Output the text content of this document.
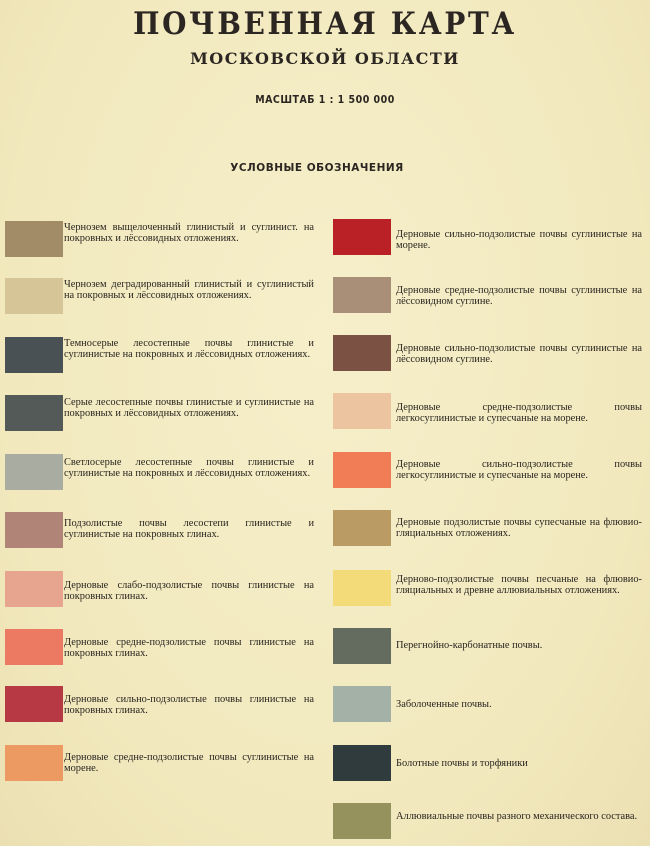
ПОЧВЕННАЯ КАРТА
МОСКОВСКОЙ ОБЛАСТИ
МАСШТАБ 1 : 1 500 000
УСЛОВНЫЕ ОБОЗНАЧЕНИЯ
Чернозем выщелоченный глинистый и суглинист. на покровных и лёссовидных отложениях.
Чернозем деградированный глинистый и суглинистый на покровных и лёссовидных отложениях.
Темносерые лесостепные почвы глинистые и суглинистые на покровных и лёссовидных отложениях.
Серые лесостепные почвы глинистые и суглинистые на покровных и лёссовидных отложениях.
Светлосерые лесостепные почвы глинистые и суглинистые на покровных и лёссовидных отложениях.
Подзолистые почвы лесостепи глинистые и суглинистые на покровных глинах.
Дерновые слабо-подзолистые почвы глинистые на покровных глинах.
Дерновые средне-подзолистые почвы глинистые на покровных глинах.
Дерновые сильно-подзолистые почвы глинистые на покровных глинах.
Дерновые средне-подзолистые почвы суглинистые на морене.
Дерновые сильно-подзолистые почвы суглинистые на морене.
Дерновые средне-подзолистые почвы суглинистые на лёссовидном суглине.
Дерновые сильно-подзолистые почвы суглинистые на лёссовидном суглине.
Дерновые средне-подзолистые почвы легкосуглинистые и супесчаные на морене.
Дерновые сильно-подзолистые почвы легкосуглинистые и супесчаные на морене.
Дерновые подзолистые почвы супесчаные на флювио-гляциальных отложениях.
Дерново-подзолистые почвы песчаные на флювио-гляциальных и древне аллювиальных отложениях.
Перегнойно-карбонатные почвы.
Заболоченные почвы.
Болотные почвы и торфяники
Аллювиальные почвы разного механического состава.
